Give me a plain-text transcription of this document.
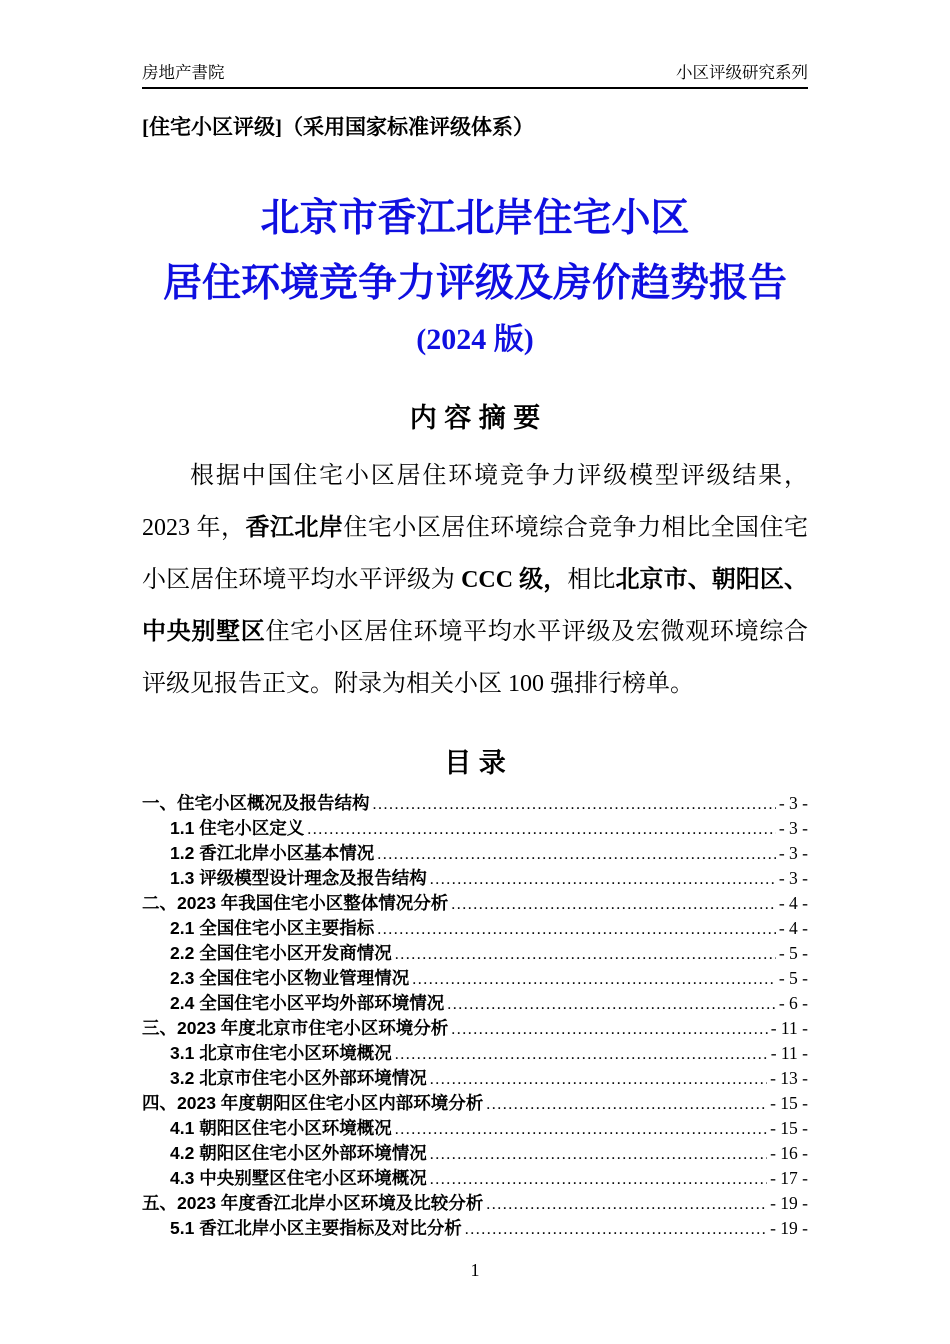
房地产書院	小区评级研究系列
[住宅小区评级]（采用国家标准评级体系）
北京市香江北岸住宅小区
居住环境竞争力评级及房价趋势报告
(2024 版)
内 容 摘 要

根据中国住宅小区居住环境竞争力评级模型评级结果，2023 年，香江北岸住宅小区居住环境综合竞争力相比全国住宅小区居住环境平均水平评级为 CCC 级，相比北京市、朝阳区、中央别墅区住宅小区居住环境平均水平评级及宏微观环境综合评级见报告正文。附录为相关小区 100 强排行榜单。

目 录
一、住宅小区概况及报告结构 .....	- 3 -
1.1 住宅小区定义 .....	- 3 -
1.2 香江北岸小区基本情况 .....	- 3 -
1.3 评级模型设计理念及报告结构 .....	- 3 -
二、2023 年我国住宅小区整体情况分析 .....	- 4 -
2.1 全国住宅小区主要指标 .....	- 4 -
2.2 全国住宅小区开发商情况 .....	- 5 -
2.3 全国住宅小区物业管理情况 .....	- 5 -
2.4 全国住宅小区平均外部环境情况 .....	- 6 -
三、2023 年度北京市住宅小区环境分析 .....	- 11 -
3.1 北京市住宅小区环境概况 .....	- 11 -
3.2 北京市住宅小区外部环境情况 .....	- 13 -
四、2023 年度朝阳区住宅小区内部环境分析 .....	- 15 -
4.1 朝阳区住宅小区环境概况 .....	- 15 -
4.2 朝阳区住宅小区外部环境情况 .....	- 16 -
4.3 中央别墅区住宅小区环境概况 .....	- 17 -
五、2023 年度香江北岸小区环境及比较分析 .....	- 19 -
5.1 香江北岸小区主要指标及对比分析 .....	- 19 -
1
